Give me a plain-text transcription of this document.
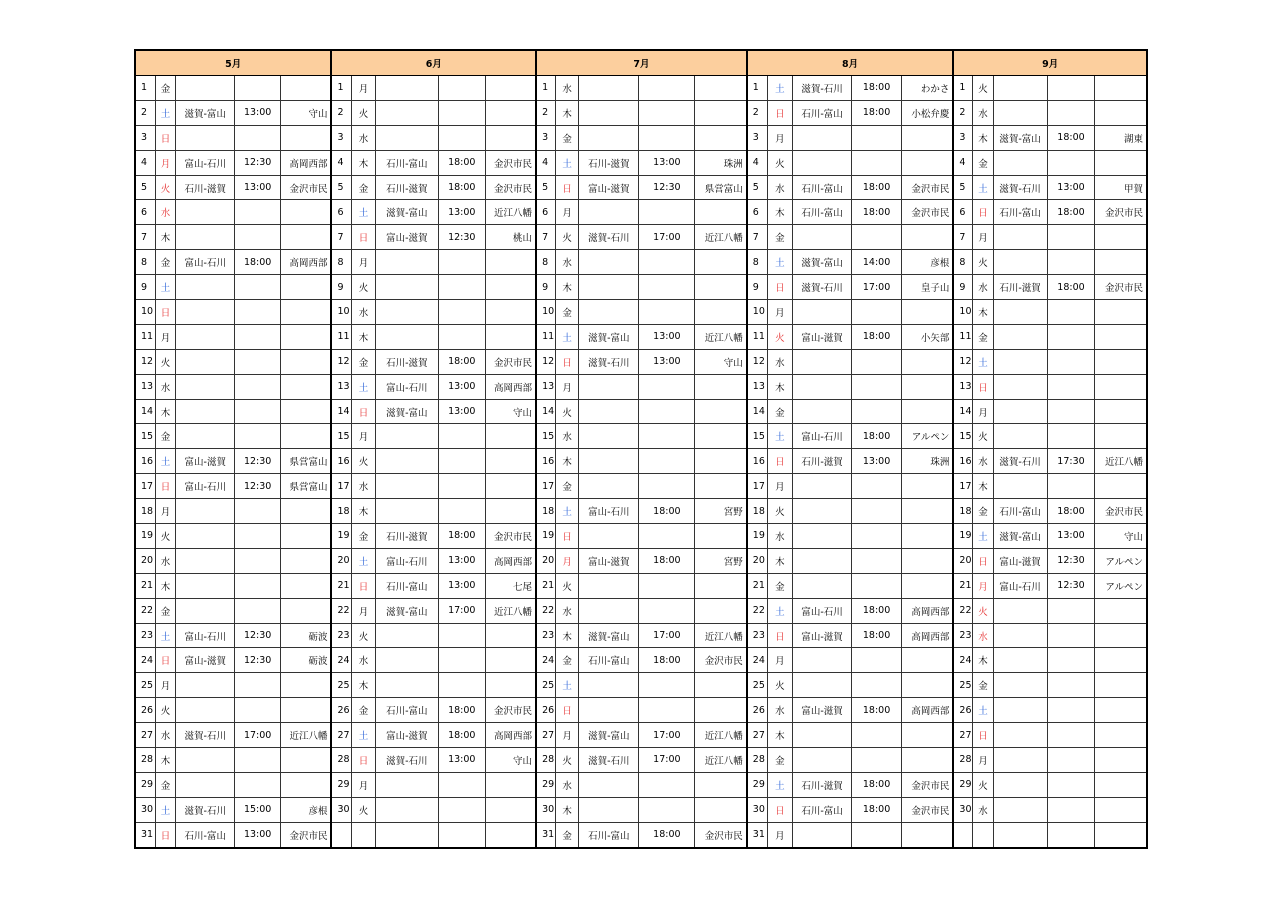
5月					6月					7月					8月					9月				
1	金				1	月				1	水				1	土	滋賀-石川	18:00	わかさ	1	火			
2	土	滋賀-富山	13:00	守山	2	火				2	木				2	日	石川-富山	18:00	小松弁慶	2	水			
3	日				3	水				3	金				3	月				3	木	滋賀-富山	18:00	湖東
4	月	富山-石川	12:30	高岡西部	4	木	石川-富山	18:00	金沢市民	4	土	石川-滋賀	13:00	珠洲	4	火				4	金			
5	火	石川-滋賀	13:00	金沢市民	5	金	石川-滋賀	18:00	金沢市民	5	日	富山-滋賀	12:30	県営富山	5	水	石川-富山	18:00	金沢市民	5	土	滋賀-石川	13:00	甲賀
6	水				6	土	滋賀-富山	13:00	近江八幡	6	月				6	木	石川-富山	18:00	金沢市民	6	日	石川-富山	18:00	金沢市民
7	木				7	日	富山-滋賀	12:30	桃山	7	火	滋賀-石川	17:00	近江八幡	7	金				7	月			
8	金	富山-石川	18:00	高岡西部	8	月				8	水				8	土	滋賀-富山	14:00	彦根	8	火			
9	土				9	火				9	木				9	日	滋賀-石川	17:00	皇子山	9	水	石川-滋賀	18:00	金沢市民
10	日				10	水				10	金				10	月				10	木			
11	月				11	木				11	土	滋賀-富山	13:00	近江八幡	11	火	富山-滋賀	18:00	小矢部	11	金			
12	火				12	金	石川-滋賀	18:00	金沢市民	12	日	滋賀-石川	13:00	守山	12	水				12	土			
13	水				13	土	富山-石川	13:00	高岡西部	13	月				13	木				13	日			
14	木				14	日	滋賀-富山	13:00	守山	14	火				14	金				14	月			
15	金				15	月				15	水				15	土	富山-石川	18:00	アルペン	15	火			
16	土	富山-滋賀	12:30	県営富山	16	火				16	木				16	日	石川-滋賀	13:00	珠洲	16	水	滋賀-石川	17:30	近江八幡
17	日	富山-石川	12:30	県営富山	17	水				17	金				17	月				17	木			
18	月				18	木				18	土	富山-石川	18:00	宮野	18	火				18	金	石川-富山	18:00	金沢市民
19	火				19	金	石川-滋賀	18:00	金沢市民	19	日				19	水				19	土	滋賀-富山	13:00	守山
20	水				20	土	富山-石川	13:00	高岡西部	20	月	富山-滋賀	18:00	宮野	20	木				20	日	富山-滋賀	12:30	アルペン
21	木				21	日	石川-富山	13:00	七尾	21	火				21	金				21	月	富山-石川	12:30	アルペン
22	金				22	月	滋賀-富山	17:00	近江八幡	22	水				22	土	富山-石川	18:00	高岡西部	22	火			
23	土	富山-石川	12:30	砺波	23	火				23	木	滋賀-富山	17:00	近江八幡	23	日	富山-滋賀	18:00	高岡西部	23	水			
24	日	富山-滋賀	12:30	砺波	24	水				24	金	石川-富山	18:00	金沢市民	24	月				24	木			
25	月				25	木				25	土				25	火				25	金			
26	火				26	金	石川-富山	18:00	金沢市民	26	日				26	水	富山-滋賀	18:00	高岡西部	26	土			
27	水	滋賀-石川	17:00	近江八幡	27	土	富山-滋賀	18:00	高岡西部	27	月	滋賀-富山	17:00	近江八幡	27	木				27	日			
28	木				28	日	滋賀-石川	13:00	守山	28	火	滋賀-石川	17:00	近江八幡	28	金				28	月			
29	金				29	月				29	水				29	土	石川-滋賀	18:00	金沢市民	29	火			
30	土	滋賀-石川	15:00	彦根	30	火				30	木				30	日	石川-富山	18:00	金沢市民	30	水			
31	日	石川-富山	13:00	金沢市民						31	金	石川-富山	18:00	金沢市民	31	月								
